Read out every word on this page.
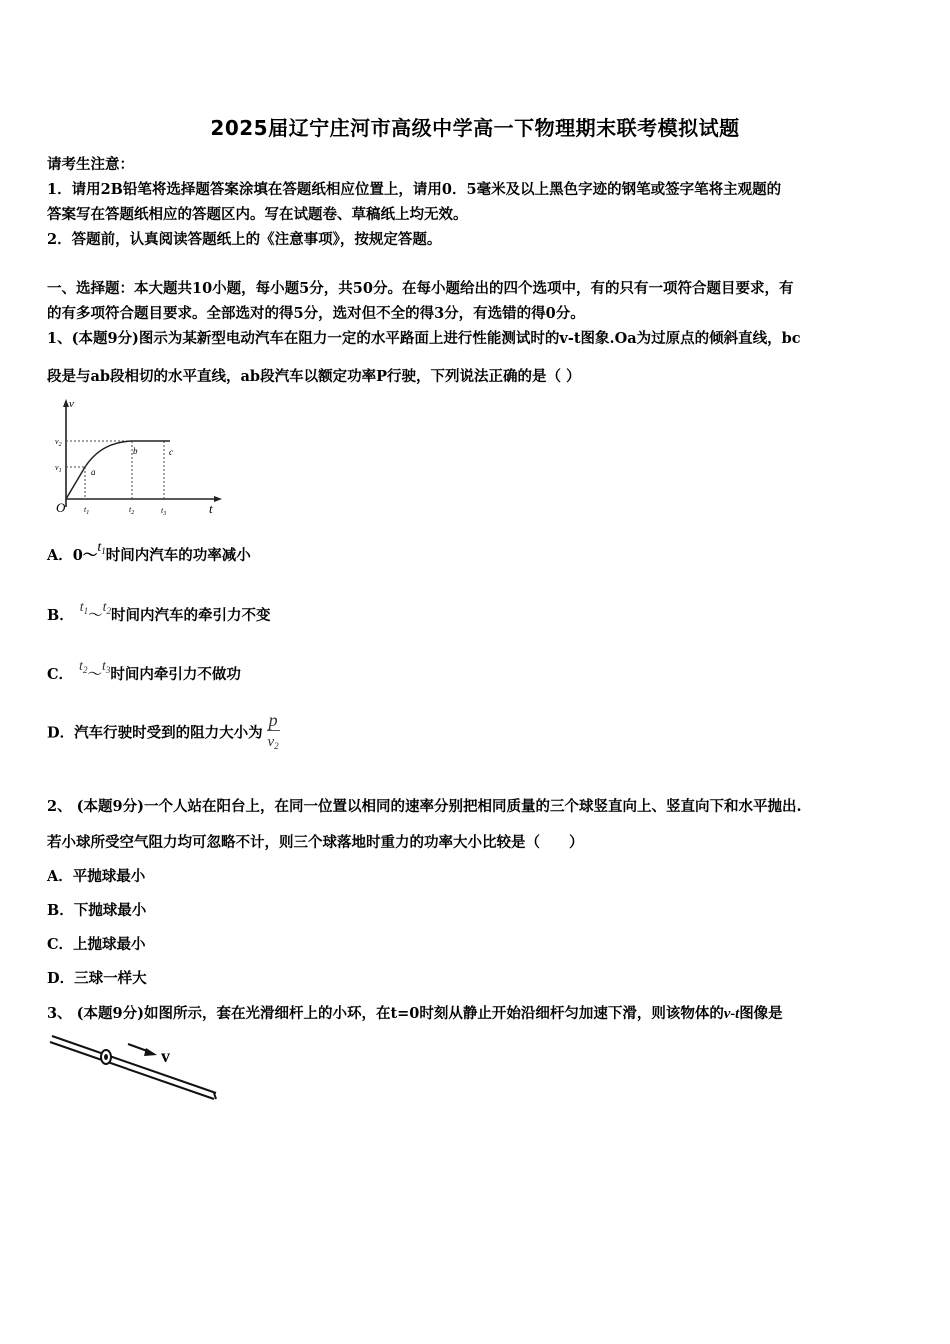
2025届辽宁庄河市高级中学高一下物理期末联考模拟试题
请考生注意：
1．请用2B铅笔将选择题答案涂填在答题纸相应位置上，请用0．5毫米及以上黑色字迹的钢笔或签字笔将主观题的
答案写在答题纸相应的答题区内。写在试题卷、草稿纸上均无效。
2．答题前，认真阅读答题纸上的《注意事项》，按规定答题。
一、选择题：本大题共10小题，每小题5分，共50分。在每小题给出的四个选项中，有的只有一项符合题目要求，有
的有多项符合题目要求。全部选对的得5分，选对但不全的得3分，有选错的得0分。
1、(本题9分)图示为某新型电动汽车在阻力一定的水平路面上进行性能测试时的v-t图象.Oa为过原点的倾斜直线，bc
段是与ab段相切的水平直线，ab段汽车以额定功率P行驶，下列说法正确的是（ ）
v
t
O
$v_2$
$v_1$
$t_1$	$t_2$	$t_3$
a
b	c
A．$0\sim t_1$时间内汽车的功率减小
B． $t_1\sim t_2$时间内汽车的牵引力不变
C． $t_2\sim t_3$时间内牵引力不做功
D．汽车行驶时受到的阻力大小为 $\frac{p}{v_2}$
2、 (本题9分)一个人站在阳台上，在同一位置以相同的速率分别把相同质量的三个球竖直向上、竖直向下和水平抛出.
若小球所受空气阻力均可忽略不计，则三个球落地时重力的功率大小比较是（　　）
A．平抛球最小
B．下抛球最小
C．上抛球最小
D．三球一样大
3、 (本题9分)如图所示，套在光滑细杆上的小环，在t=0时刻从静止开始沿细杆匀加速下滑，则该物体的v-t图像是
v
